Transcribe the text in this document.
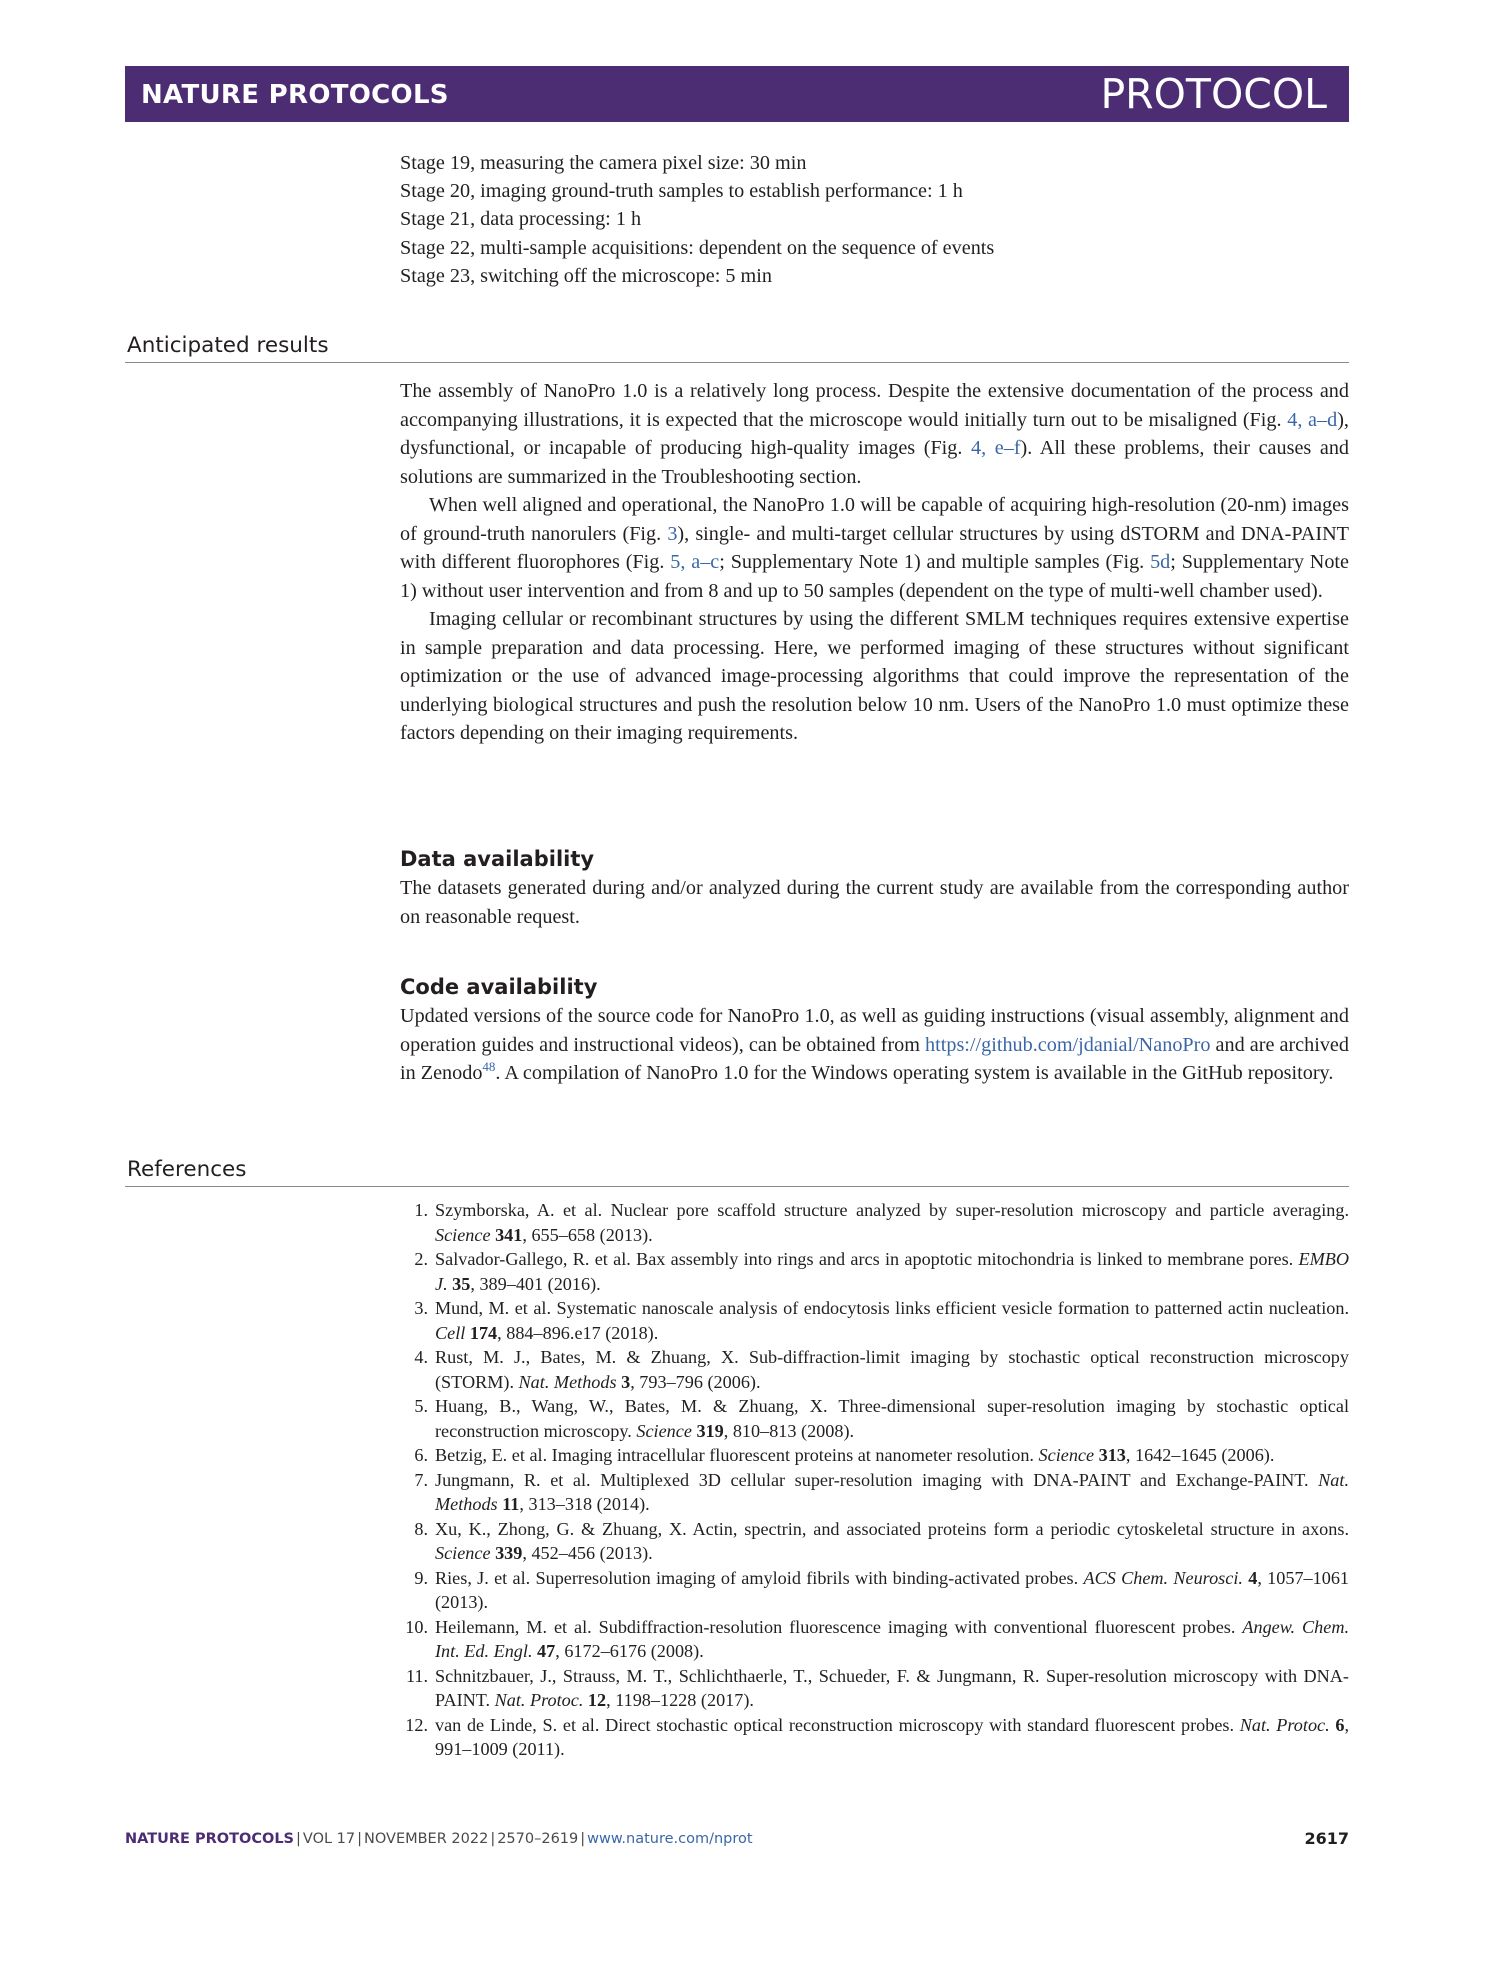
NATURE PROTOCOLS	PROTOCOL
Stage 19, measuring the camera pixel size: 30 min
Stage 20, imaging ground-truth samples to establish performance: 1 h
Stage 21, data processing: 1 h
Stage 22, multi-sample acquisitions: dependent on the sequence of events
Stage 23, switching off the microscope: 5 min
Anticipated results

The assembly of NanoPro 1.0 is a relatively long process. Despite the extensive documentation of the process and accompanying illustrations, it is expected that the microscope would initially turn out to be misaligned (Fig. 4, a–d), dysfunctional, or incapable of producing high-quality images (Fig. 4, e–f). All these problems, their causes and solutions are summarized in the Troubleshooting section.

When well aligned and operational, the NanoPro 1.0 will be capable of acquiring high-resolution (20-nm) images of ground-truth nanorulers (Fig. 3), single- and multi-target cellular structures by using dSTORM and DNA-PAINT with different fluorophores (Fig. 5, a–c; Supplementary Note 1) and multiple samples (Fig. 5d; Supplementary Note 1) without user intervention and from 8 and up to 50 samples (dependent on the type of multi-well chamber used).

Imaging cellular or recombinant structures by using the different SMLM techniques requires extensive expertise in sample preparation and data processing. Here, we performed imaging of these structures without significant optimization or the use of advanced image-processing algorithms that could improve the representation of the underlying biological structures and push the resolution below 10 nm. Users of the NanoPro 1.0 must optimize these factors depending on their imaging requirements.

Data availability

The datasets generated during and/or analyzed during the current study are available from the corresponding author on reasonable request.

Code availability

Updated versions of the source code for NanoPro 1.0, as well as guiding instructions (visual assembly, alignment and operation guides and instructional videos), can be obtained from https://github.com/jdanial/NanoPro and are archived in Zenodo$^{48}$. A compilation of NanoPro 1.0 for the Windows operating system is available in the GitHub repository.

References
1. Szymborska, A. et al. Nuclear pore scaffold structure analyzed by super-resolution microscopy and particle averaging. Science 341, 655–658 (2013).
2. Salvador-Gallego, R. et al. Bax assembly into rings and arcs in apoptotic mitochondria is linked to membrane pores. EMBO J. 35, 389–401 (2016).
3. Mund, M. et al. Systematic nanoscale analysis of endocytosis links efficient vesicle formation to patterned actin nucleation. Cell 174, 884–896.e17 (2018).
4. Rust, M. J., Bates, M. & Zhuang, X. Sub-diffraction-limit imaging by stochastic optical reconstruction microscopy (STORM). Nat. Methods 3, 793–796 (2006).
5. Huang, B., Wang, W., Bates, M. & Zhuang, X. Three-dimensional super-resolution imaging by stochastic optical reconstruction microscopy. Science 319, 810–813 (2008).
6. Betzig, E. et al. Imaging intracellular fluorescent proteins at nanometer resolution. Science 313, 1642–1645 (2006).
7. Jungmann, R. et al. Multiplexed 3D cellular super-resolution imaging with DNA-PAINT and Exchange-PAINT. Nat. Methods 11, 313–318 (2014).
8. Xu, K., Zhong, G. & Zhuang, X. Actin, spectrin, and associated proteins form a periodic cytoskeletal structure in axons. Science 339, 452–456 (2013).
9. Ries, J. et al. Superresolution imaging of amyloid fibrils with binding-activated probes. ACS Chem. Neurosci. 4, 1057–1061 (2013).
10. Heilemann, M. et al. Subdiffraction-resolution fluorescence imaging with conventional fluorescent probes. Angew. Chem. Int. Ed. Engl. 47, 6172–6176 (2008).
11. Schnitzbauer, J., Strauss, M. T., Schlichthaerle, T., Schueder, F. & Jungmann, R. Super-resolution microscopy with DNA-PAINT. Nat. Protoc. 12, 1198–1228 (2017).
12. van de Linde, S. et al. Direct stochastic optical reconstruction microscopy with standard fluorescent probes. Nat. Protoc. 6, 991–1009 (2011).
NATURE PROTOCOLS | VOL 17 | NOVEMBER 2022 | 2570–2619 | www.nature.com/nprot	2617
